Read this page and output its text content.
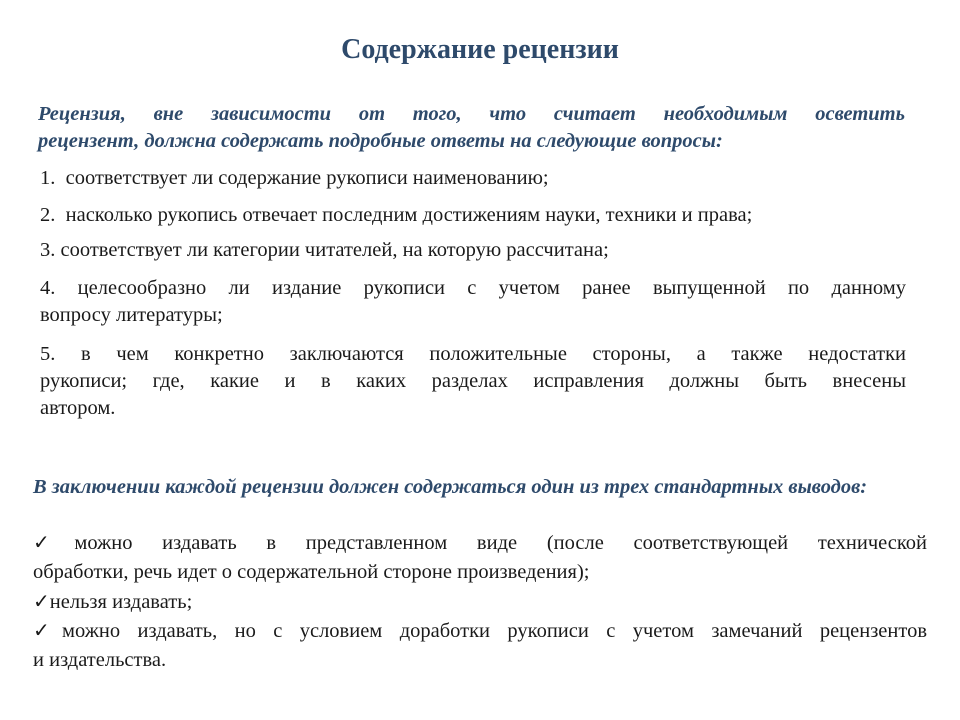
Содержание рецензии
Рецензия, вне зависимости от того, что считает необходимым осветить
рецензент, должна содержать подробные ответы на следующие вопросы:
1. соответствует ли содержание рукописи наименованию;
2. насколько рукопись отвечает последним достижениям науки, техники и права;
3. соответствует ли категории читателей, на которую рассчитана;
4. целесообразно ли издание рукописи с учетом ранее выпущенной по данному
вопросу литературы;
5. в чем конкретно заключаются положительные стороны, а также недостатки
рукописи; где, какие и в каких разделах исправления должны быть внесены
автором.
В заключении каждой рецензии должен содержаться один из трех стандартных выводов:
✓можно издавать в представленном виде (после соответствующей технической
обработки, речь идет о содержательной стороне произведения);
✓нельзя издавать;
✓можно издавать, но с условием доработки рукописи с учетом замечаний рецензентов
и издательства.
